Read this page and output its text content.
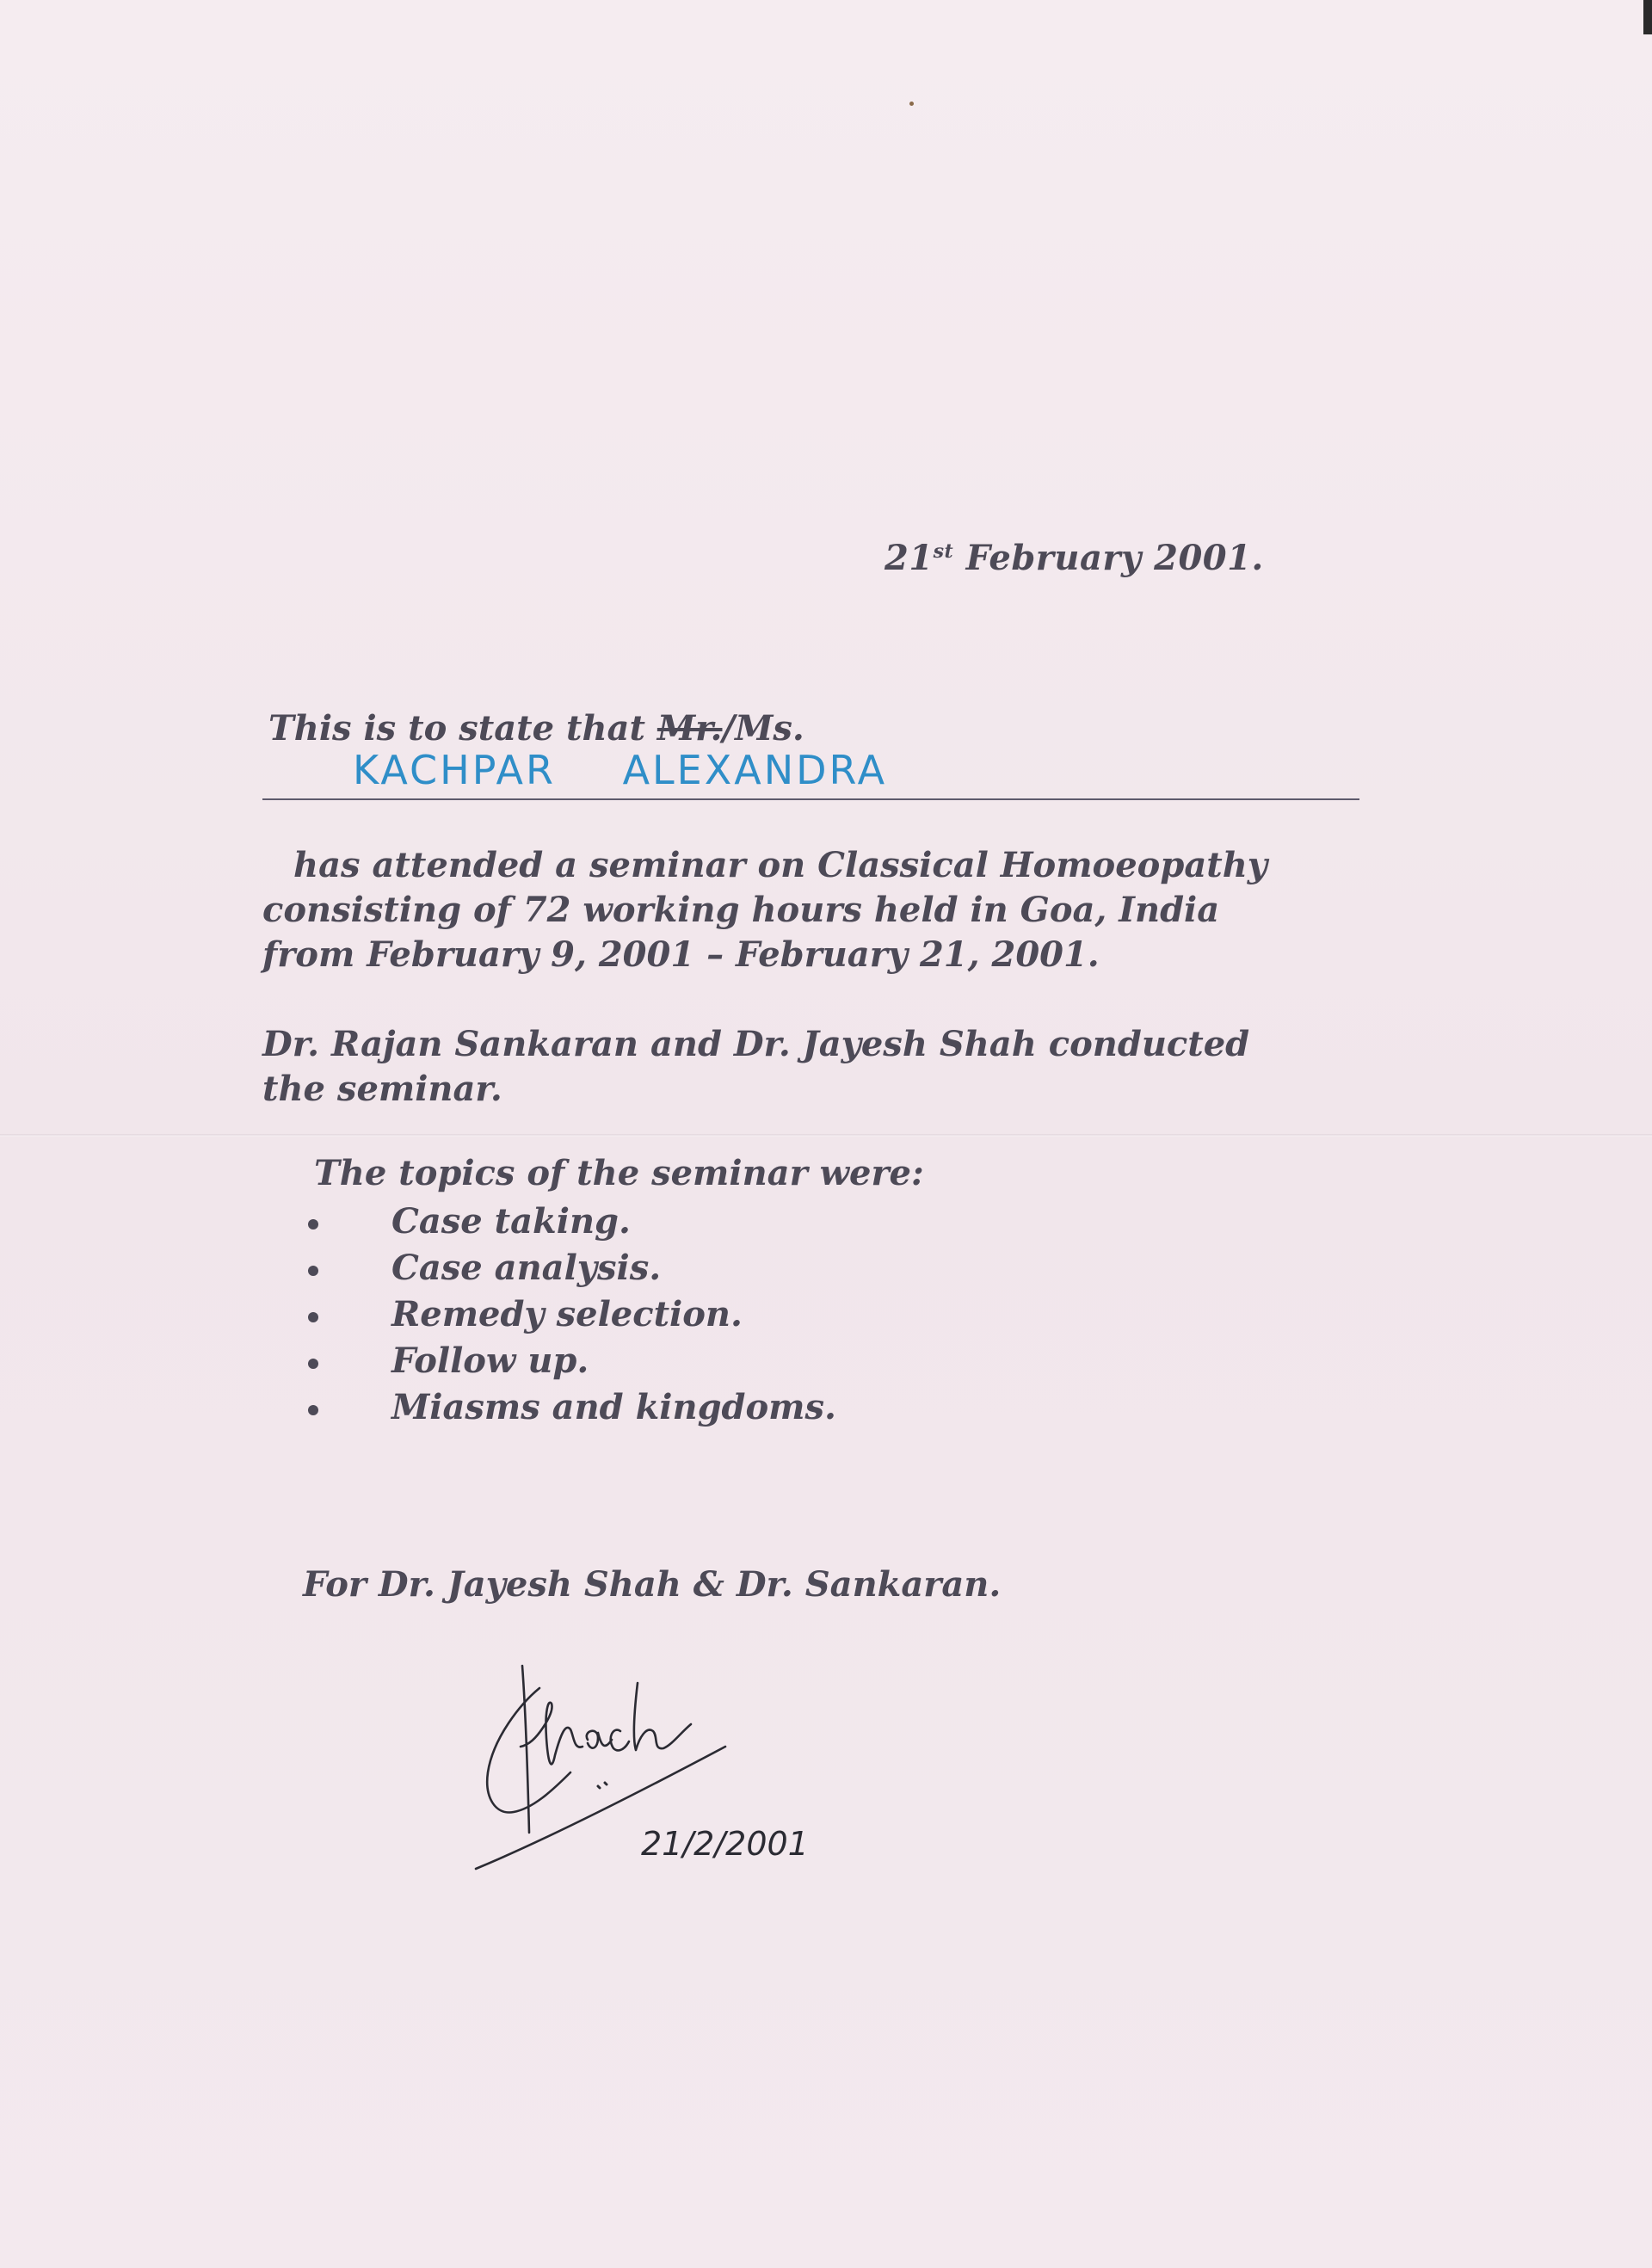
21st February 2001.
This is to state that Mr./Ms.
KACHPAR ALEXANDRA
has attended a seminar on Classical Homoeopathy
consisting of 72 working hours held in Goa, India
from February 9, 2001 – February 21, 2001.
Dr. Rajan Sankaran and Dr. Jayesh Shah conducted
the seminar.
The topics of the seminar were:
Case taking.
Case analysis.
Remedy selection.
Follow up.
Miasms and kingdoms.
For Dr. Jayesh Shah & Dr. Sankaran.
21/2/2001
